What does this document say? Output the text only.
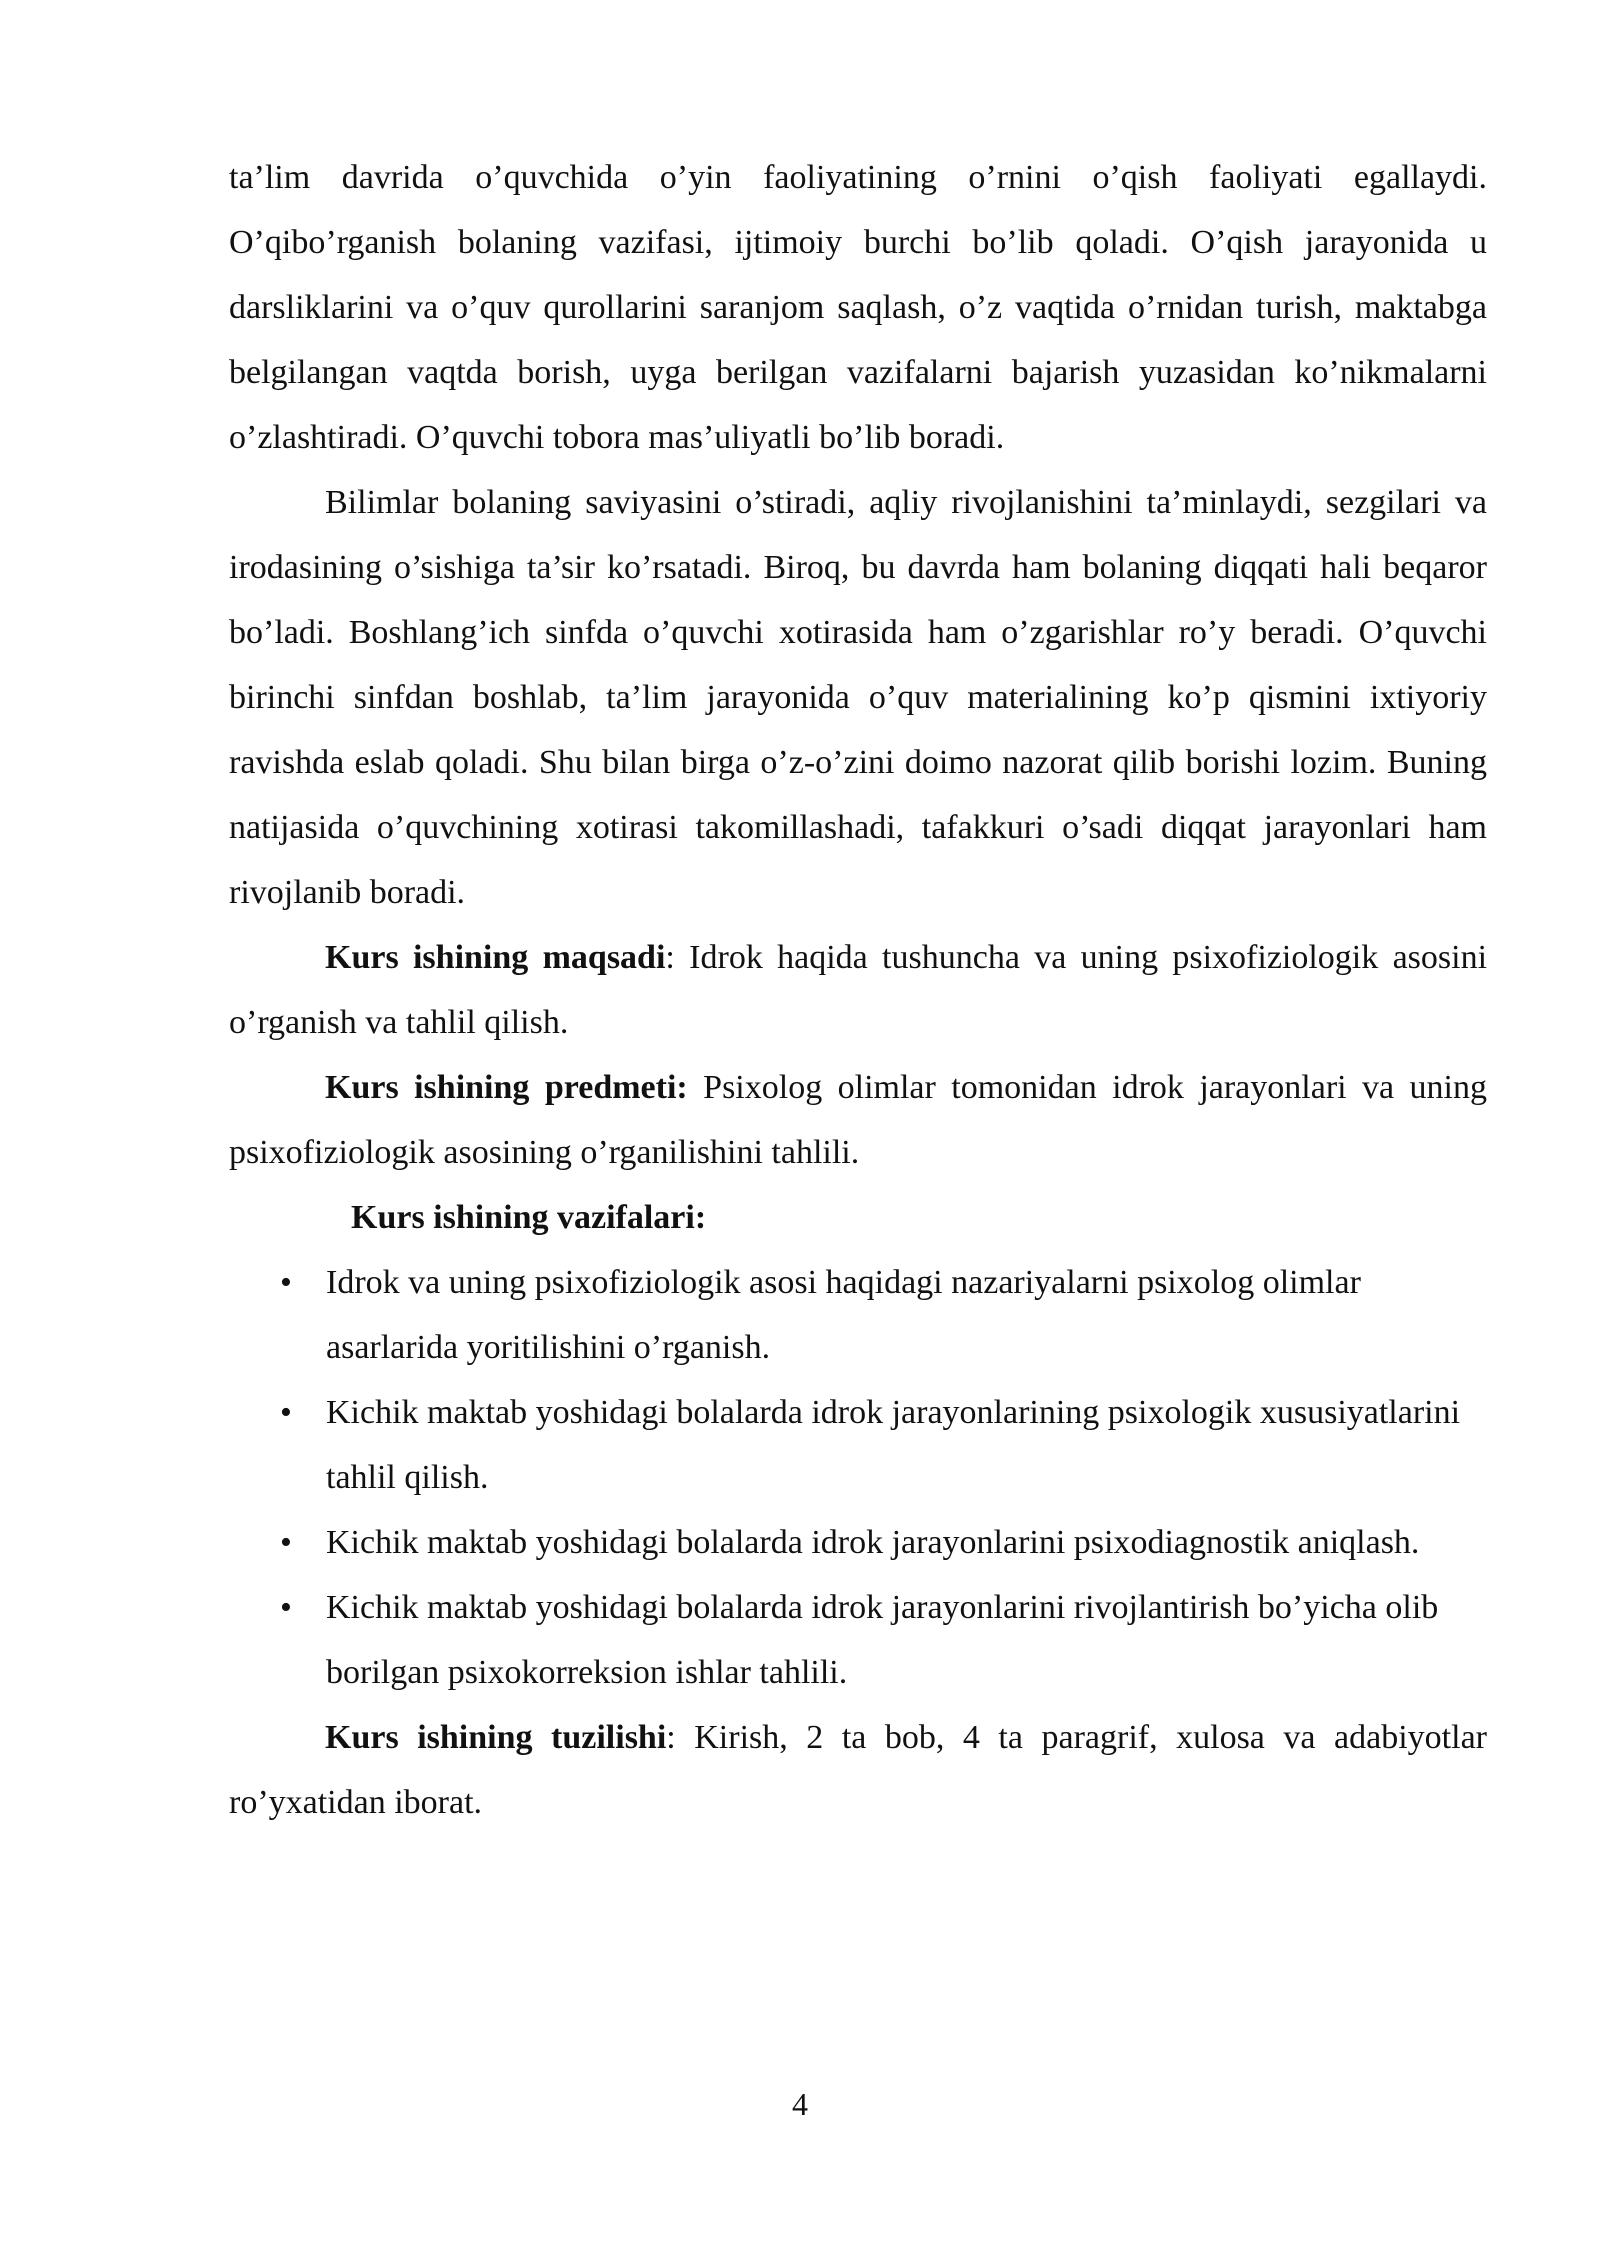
ta’lim davrida o’quvchida o’yin faoliyatining o’rnini o’qish faoliyati egallaydi. O’qibo’rganish bolaning vazifasi, ijtimoiy burchi bo’lib qoladi. O’qish jarayonida u darsliklarini va o’quv qurollarini saranjom saqlash, o’z vaqtida o’rnidan turish, maktabga belgilangan vaqtda borish, uyga berilgan vazifalarni bajarish yuzasidan ko’nikmalarni o’zlashtiradi. O’quvchi tobora mas’uliyatli bo’lib boradi.

Bilimlar bolaning saviyasini o’stiradi, aqliy rivojlanishini ta’minlaydi, sezgilari va irodasining o’sishiga ta’sir ko’rsatadi. Biroq, bu davrda ham bolaning diqqati hali beqaror bo’ladi. Boshlang’ich sinfda o’quvchi xotirasida ham o’zgarishlar ro’y beradi. O’quvchi birinchi sinfdan boshlab, ta’lim jarayonida o’quv materialining ko’p qismini ixtiyoriy ravishda eslab qoladi. Shu bilan birga o’z-o’zini doimo nazorat qilib borishi lozim. Buning natijasida o’quvchining xotirasi takomillashadi, tafakkuri o’sadi diqqat jarayonlari ham rivojlanib boradi.

Kurs ishining maqsadi: Idrok haqida tushuncha va uning psixofiziologik asosini o’rganish va tahlil qilish.

Kurs ishining predmeti: Psixolog olimlar tomonidan idrok jarayonlari va uning psixofiziologik asosining o’rganilishini tahlili.

Kurs ishining vazifalari:

• Idrok va uning psixofiziologik asosi haqidagi nazariyalarni psixolog olimlar asarlarida yoritilishini o’rganish.
• Kichik maktab yoshidagi bolalarda idrok jarayonlarining psixologik xususiyatlarini tahlil qilish.
• Kichik maktab yoshidagi bolalarda idrok jarayonlarini psixodiagnostik aniqlash.
• Kichik maktab yoshidagi bolalarda idrok jarayonlarini rivojlantirish bo’yicha olib borilgan psixokorreksion ishlar tahlili.

Kurs ishining tuzilishi: Kirish, 2 ta bob, 4 ta paragrif, xulosa va adabiyotlar ro’yxatidan iborat.

4
